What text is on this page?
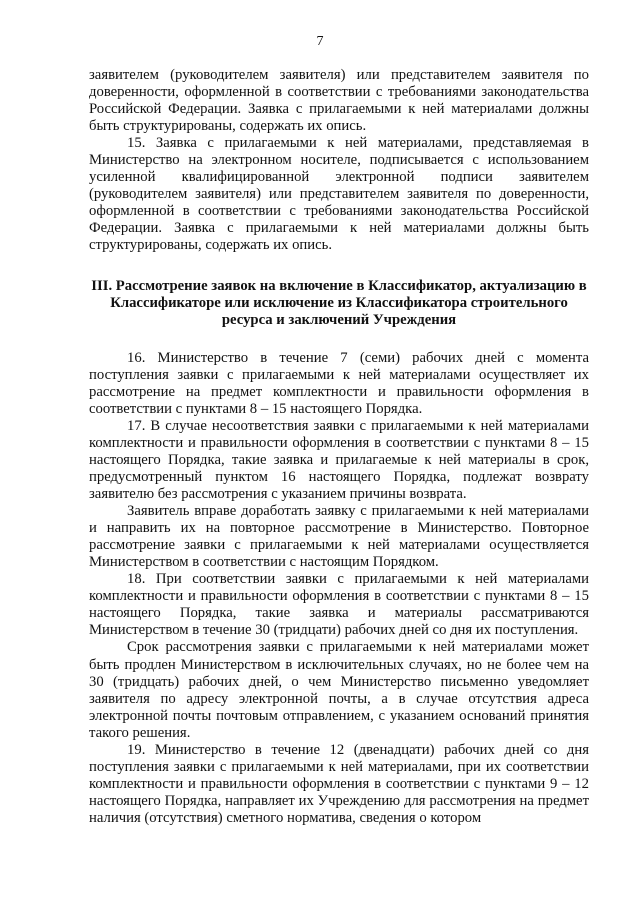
7

заявителем (руководителем заявителя) или представителем заявителя по доверенности, оформленной в соответствии с требованиями законодательства Российской Федерации. Заявка с прилагаемыми к ней материалами должны быть структурированы, содержать их опись.

15. Заявка с прилагаемыми к ней материалами, представляемая в Министерство на электронном носителе, подписывается с использованием усиленной квалифицированной электронной подписи заявителем (руководителем заявителя) или представителем заявителя по доверенности, оформленной в соответствии с требованиями законодательства Российской Федерации. Заявка с прилагаемыми к ней материалами должны быть структурированы, содержать их опись.

III. Рассмотрение заявок на включение в Классификатор, актуализацию в Классификаторе или исключение из Классификатора строительного ресурса и заключений Учреждения

16. Министерство в течение 7 (семи) рабочих дней с момента поступления заявки с прилагаемыми к ней материалами осуществляет их рассмотрение на предмет комплектности и правильности оформления в соответствии с пунктами 8 – 15 настоящего Порядка.

17. В случае несоответствия заявки с прилагаемыми к ней материалами комплектности и правильности оформления в соответствии с пунктами 8 – 15 настоящего Порядка, такие заявка и прилагаемые к ней материалы в срок, предусмотренный пунктом 16 настоящего Порядка, подлежат возврату заявителю без рассмотрения с указанием причины возврата.

Заявитель вправе доработать заявку с прилагаемыми к ней материалами и направить их на повторное рассмотрение в Министерство. Повторное рассмотрение заявки с прилагаемыми к ней материалами осуществляется Министерством в соответствии с настоящим Порядком.

18. При соответствии заявки с прилагаемыми к ней материалами комплектности и правильности оформления в соответствии с пунктами 8 – 15 настоящего Порядка, такие заявка и материалы рассматриваются Министерством в течение 30 (тридцати) рабочих дней со дня их поступления.

Срок рассмотрения заявки с прилагаемыми к ней материалами может быть продлен Министерством в исключительных случаях, но не более чем на 30 (тридцать) рабочих дней, о чем Министерство письменно уведомляет заявителя по адресу электронной почты, а в случае отсутствия адреса электронной почты почтовым отправлением, с указанием оснований принятия такого решения.

19. Министерство в течение 12 (двенадцати) рабочих дней со дня поступления заявки с прилагаемыми к ней материалами, при их соответствии комплектности и правильности оформления в соответствии с пунктами 9 – 12 настоящего Порядка, направляет их Учреждению для рассмотрения на предмет наличия (отсутствия) сметного норматива, сведения о котором
